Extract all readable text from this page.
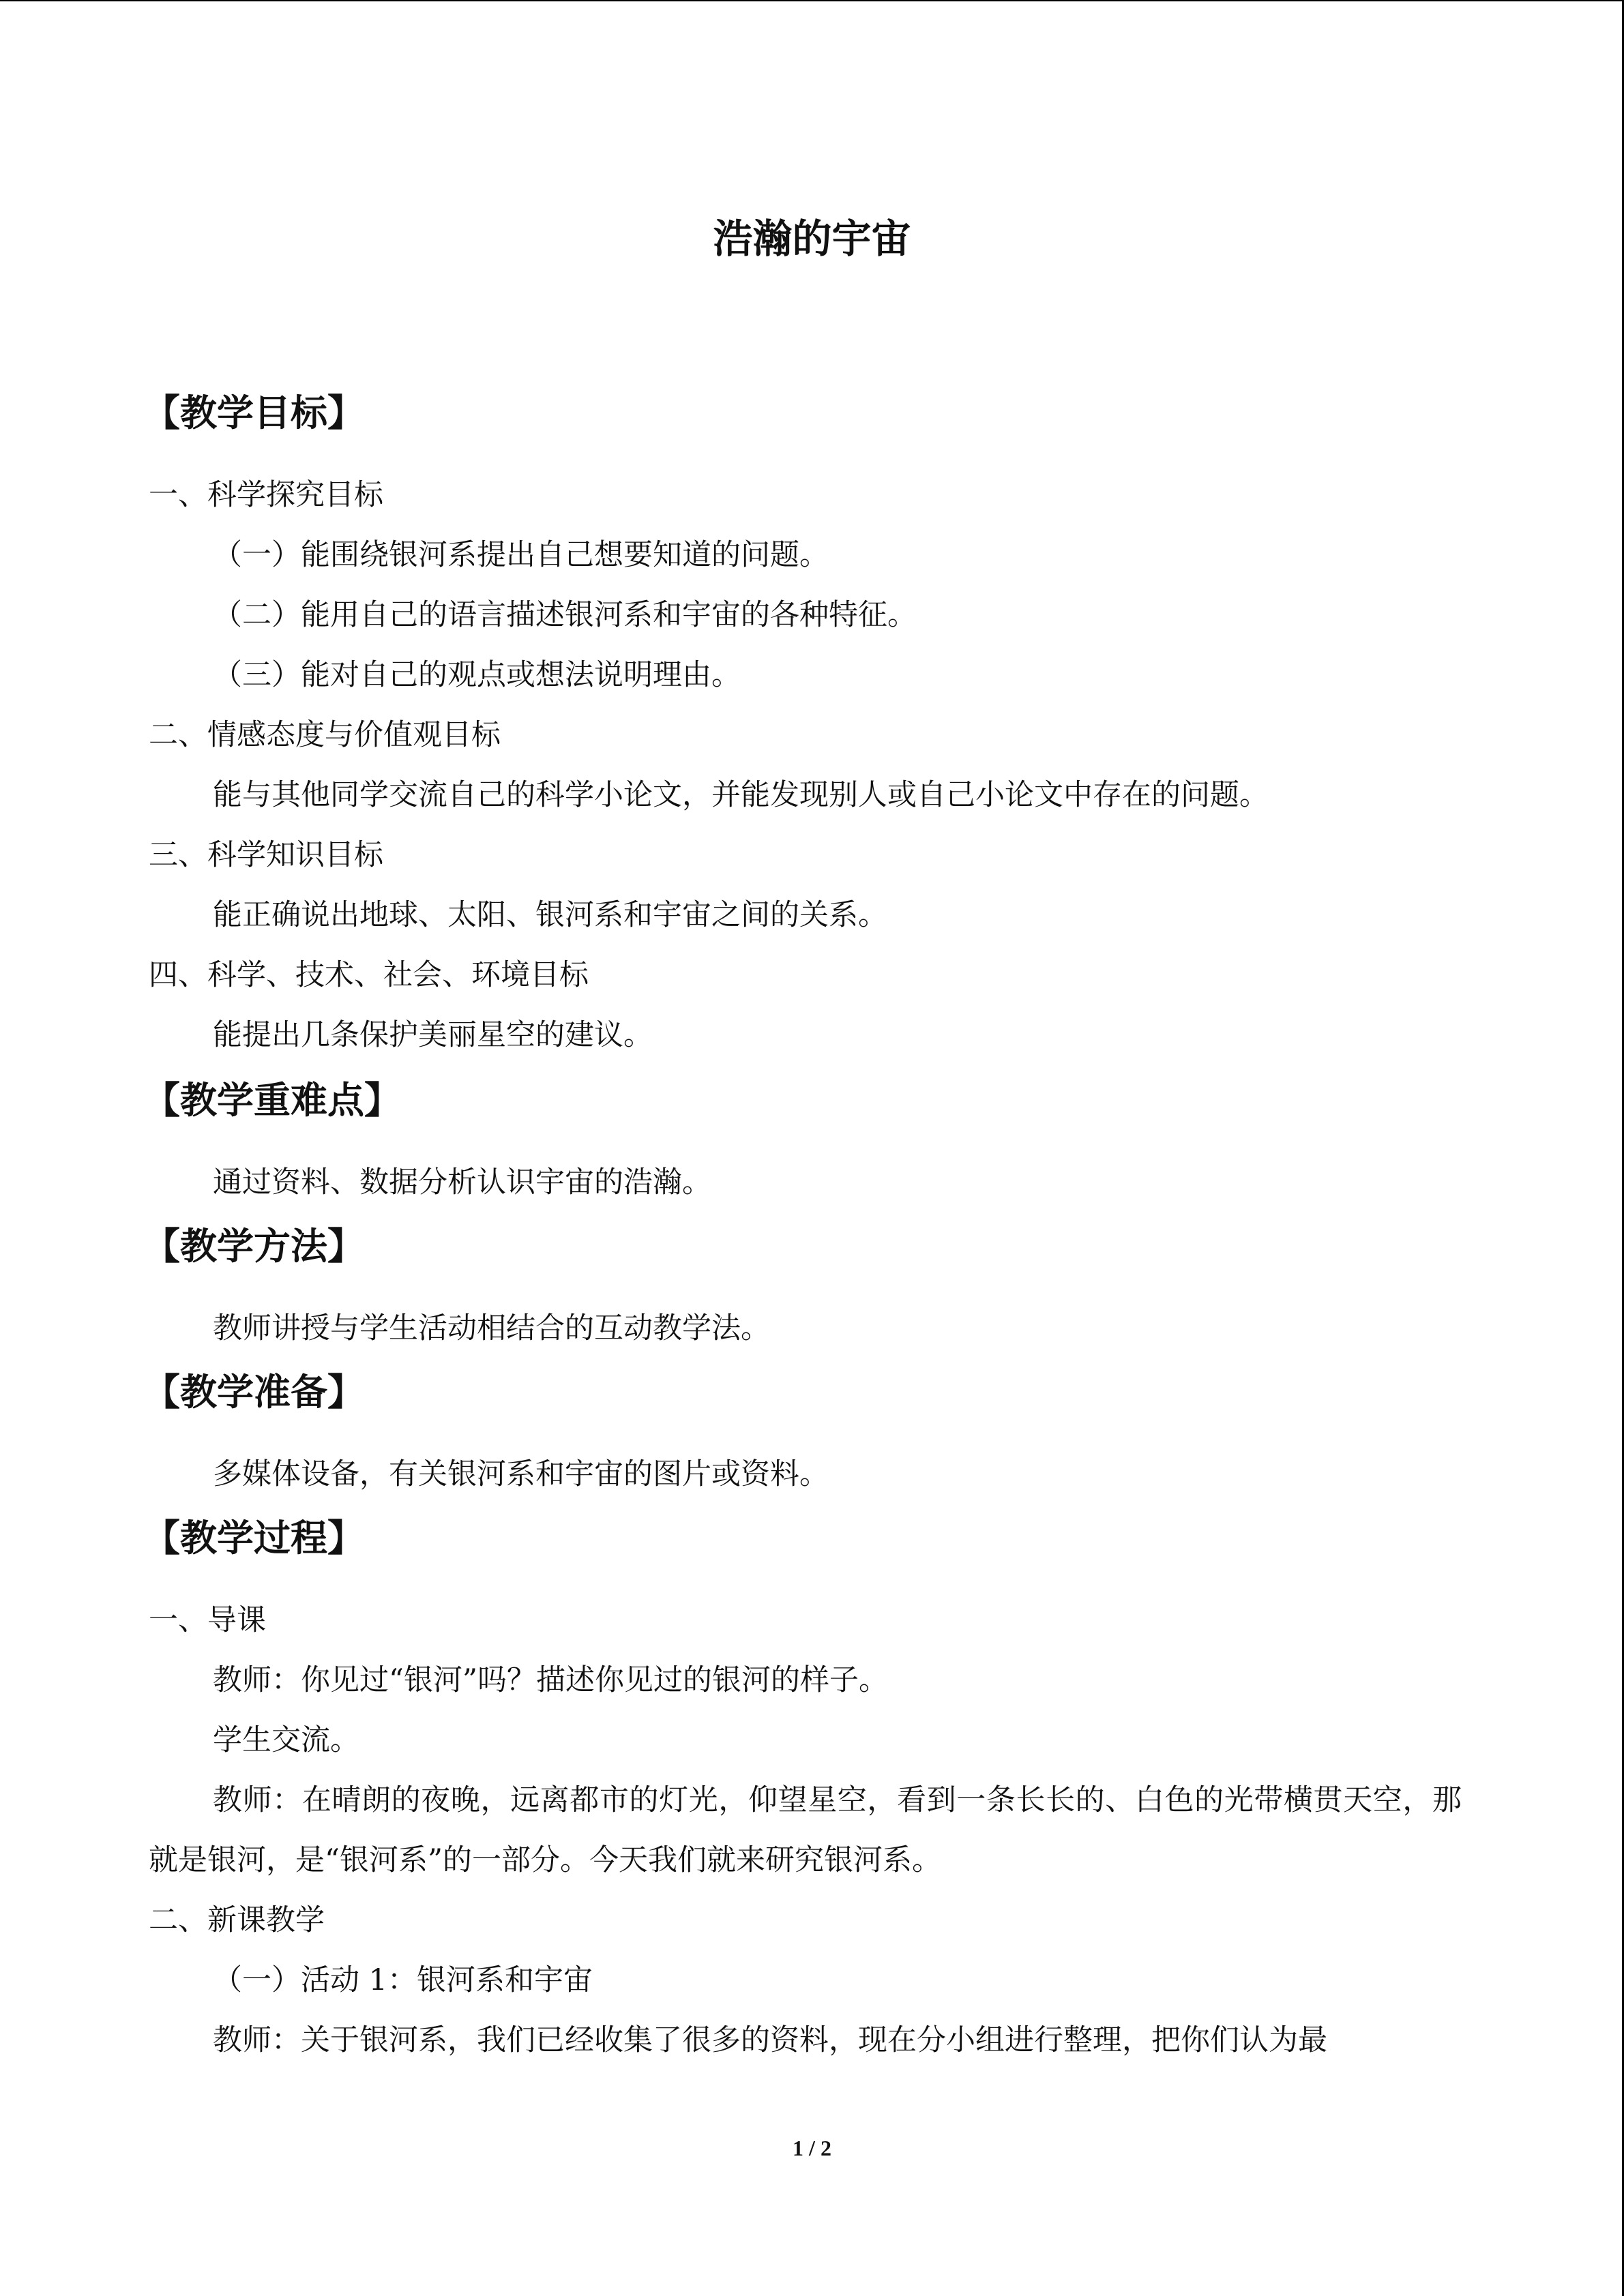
浩瀚的宇宙
【教学目标】
一、科学探究目标
（一）能围绕银河系提出自己想要知道的问题。
（二）能用自己的语言描述银河系和宇宙的各种特征。
（三）能对自己的观点或想法说明理由。
二、情感态度与价值观目标
能与其他同学交流自己的科学小论文，并能发现别人或自己小论文中存在的问题。
三、科学知识目标
能正确说出地球、太阳、银河系和宇宙之间的关系。
四、科学、技术、社会、环境目标
能提出几条保护美丽星空的建议。
【教学重难点】
通过资料、数据分析认识宇宙的浩瀚。
【教学方法】
教师讲授与学生活动相结合的互动教学法。
【教学准备】
多媒体设备，有关银河系和宇宙的图片或资料。
【教学过程】
一、导课
教师：你见过“银河”吗？描述你见过的银河的样子。
学生交流。
教师：在晴朗的夜晚，远离都市的灯光，仰望星空，看到一条长长的、白色的光带横贯天空，那就是银河，是“银河系”的一部分。今天我们就来研究银河系。
二、新课教学
（一）活动 1：银河系和宇宙
教师：关于银河系，我们已经收集了很多的资料，现在分小组进行整理，把你们认为最
1 / 2
